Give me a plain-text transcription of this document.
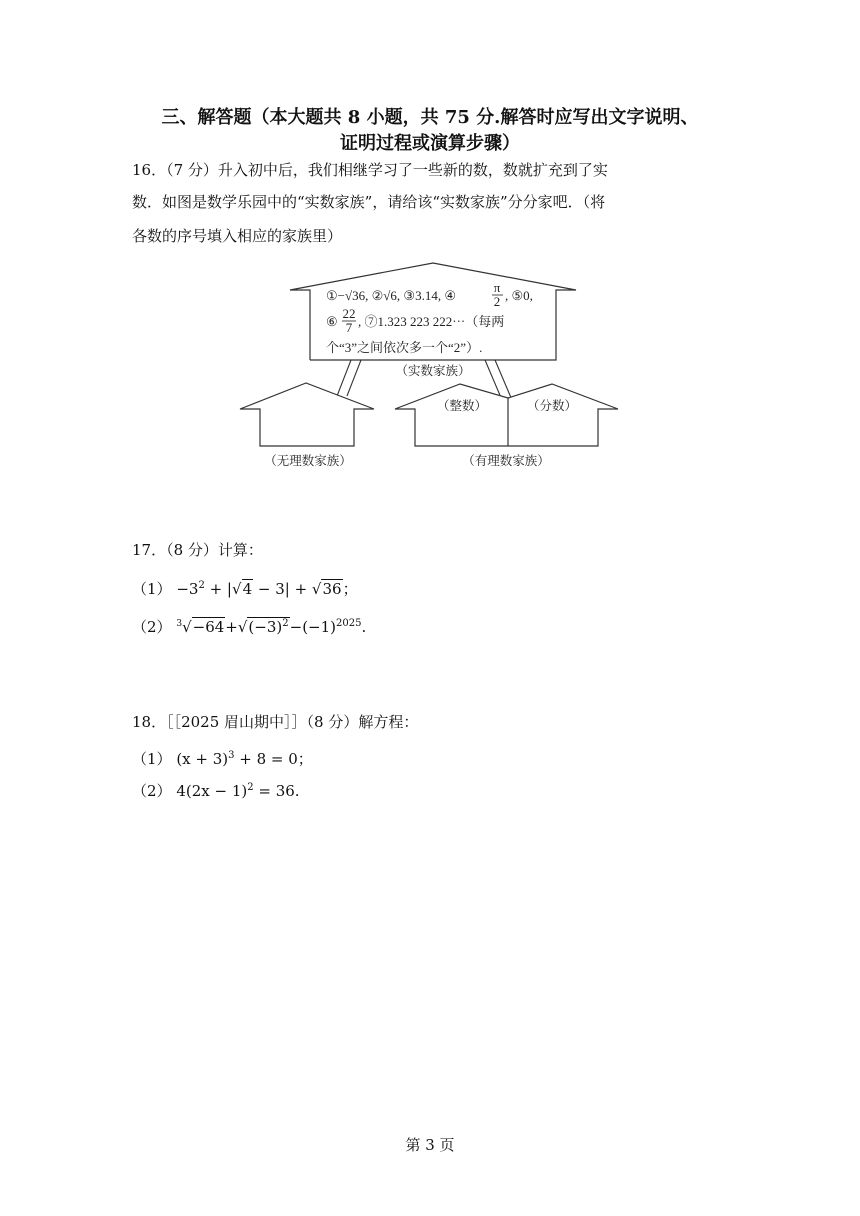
三、解答题（本大题共 8 小题，共 75 分.解答时应写出文字说明、
证明过程或演算步骤）
16．（7 分）升入初中后，我们相继学习了一些新的数，数就扩充到了实
数．如图是数学乐园中的“实数家族”，请给该“实数家族”分分家吧．（将
各数的序号填入相应的家族里）
①−√36, ②√6, ③3.14, ④
π
2 , ⑤0,
⑥
22
7 , ⑦1.323 223 222⋯（每两
个“3”之间依次多一个“2”）.
（实数家族）
（无理数家族）	（有理数家族）
（整数）	（分数）
17．（8 分）计算：
$(1) -3^2 + |√4 - 3| + √36$；
（2） $^3√-64+√(-3)^2-(-1)^{2025}$.
18．［［2025 眉山期中］］（8 分）解方程：
（1） $(x + 3)^3 + 8 = 0$；
（2） $4(2x - 1)^2 = 36$.
第 3 页
